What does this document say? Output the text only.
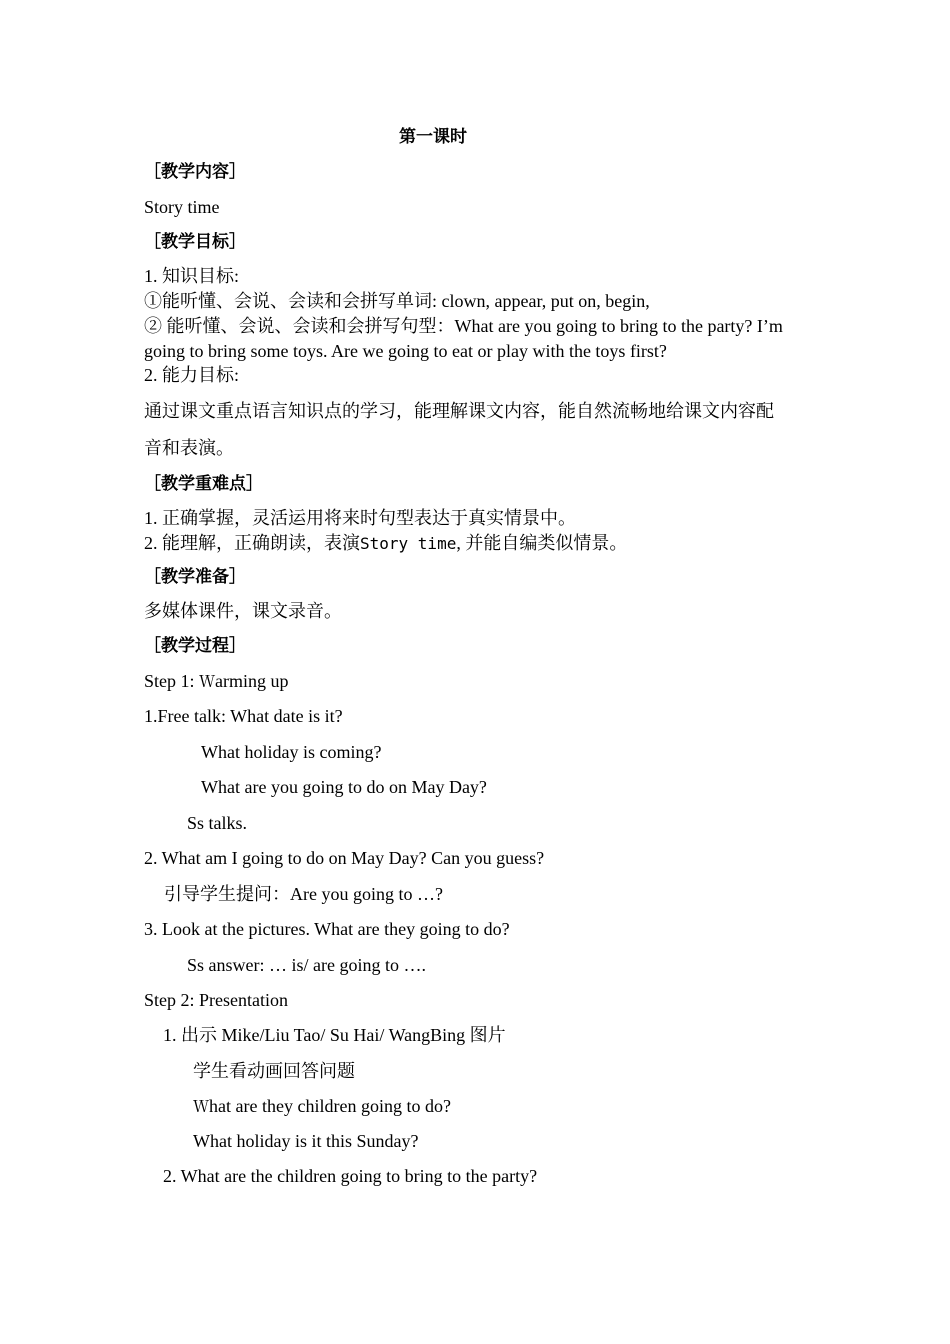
第一课时
［教学内容］
Story time
［教学目标］
1. 知识目标:
①能听懂、会说、会读和会拼写单词: clown, appear, put on, begin,
② 能听懂、会说、会读和会拼写句型：What are you going to bring to the party? I’m
going to bring some toys. Are we going to eat or play with the toys first?
2. 能力目标:
通过课文重点语言知识点的学习，能理解课文内容，能自然流畅地给课文内容配
音和表演。
［教学重难点］
1. 正确掌握，灵活运用将来时句型表达于真实情景中。
2. 能理解，正确朗读，表演Story time, 并能自编类似情景。
［教学准备］
多媒体课件，课文录音。
［教学过程］
Step 1: Ｗarming up
1.Free talk: What date is it?
What holiday is coming?
What are you going to do on May Day?
Ss talks.
2. What am I going to do on May Day? Can you guess?
引导学生提问：Are you going to …?
3. Look at the pictures. What are they going to do?
Ss answer: … is/ are going to ….
Step 2: Presentation
1. 出示 Mike/Liu Tao/ Su Hai/ WangBing 图片
学生看动画回答问题
Ｗhat are they children going to do?
What holiday is it this Sunday?
2. What are the children going to bring to the party?
